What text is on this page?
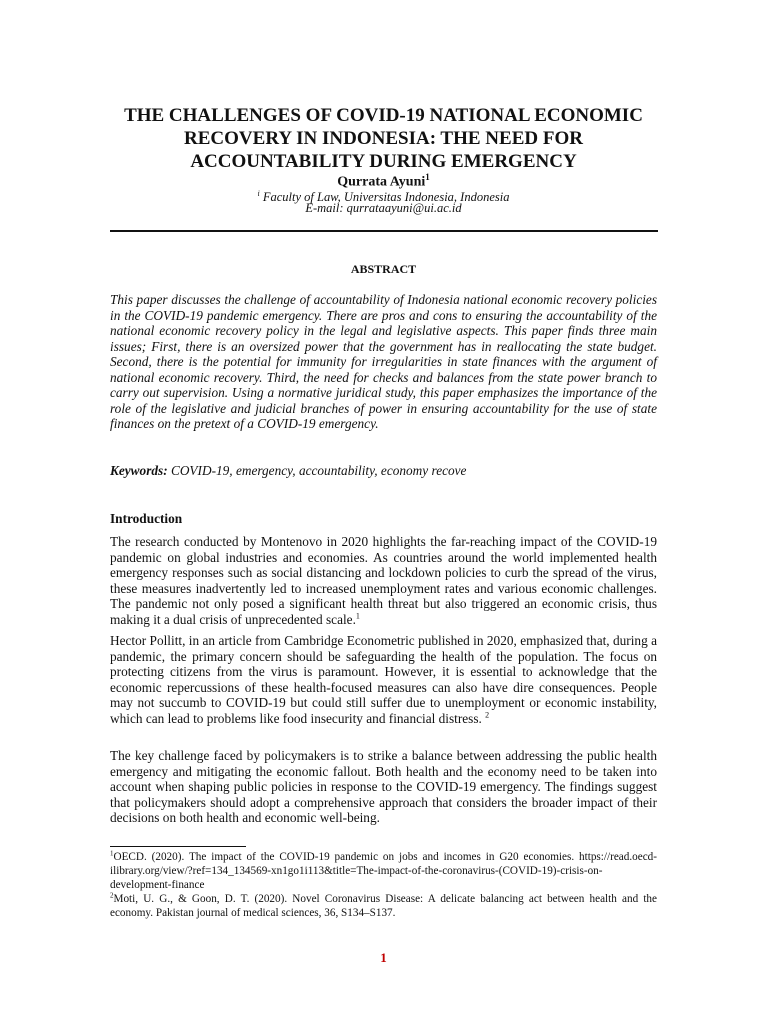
THE CHALLENGES OF COVID-19 NATIONAL ECONOMIC RECOVERY IN INDONESIA: THE NEED FOR ACCOUNTABILITY DURING EMERGENCY
Qurrata Ayuni$^1$
$^i$ Faculty of Law, Universitas Indonesia, Indonesia
E-mail: qurrataayuni@ui.ac.id
ABSTRACT

This paper discusses the challenge of accountability of Indonesia national economic recovery policies in the COVID-19 pandemic emergency. There are pros and cons to ensuring the accountability of the national economic recovery policy in the legal and legislative aspects. This paper finds three main issues; First, there is an oversized power that the government has in reallocating the state budget. Second, there is the potential for immunity for irregularities in state finances with the argument of national economic recovery. Third, the need for checks and balances from the state power branch to carry out supervision. Using a normative juridical study, this paper emphasizes the importance of the role of the legislative and judicial branches of power in ensuring accountability for the use of state finances on the pretext of a COVID-19 emergency.

Keywords: COVID-19, emergency, accountability, economy recove
Introduction

The research conducted by Montenovo in 2020 highlights the far-reaching impact of the COVID-19 pandemic on global industries and economies. As countries around the world implemented health emergency responses such as social distancing and lockdown policies to curb the spread of the virus, these measures inadvertently led to increased unemployment rates and various economic challenges. The pandemic not only posed a significant health threat but also triggered an economic crisis, thus making it a dual crisis of unprecedented scale.$^1$

Hector Pollitt, in an article from Cambridge Econometric published in 2020, emphasized that, during a pandemic, the primary concern should be safeguarding the health of the population. The focus on protecting citizens from the virus is paramount. However, it is essential to acknowledge that the economic repercussions of these health-focused measures can also have dire consequences. People may not succumb to COVID-19 but could still suffer due to unemployment or economic instability, which can lead to problems like food insecurity and financial distress. $^2$

The key challenge faced by policymakers is to strike a balance between addressing the public health emergency and mitigating the economic fallout. Both health and the economy need to be taken into account when shaping public policies in response to the COVID-19 emergency. The findings suggest that policymakers should adopt a comprehensive approach that considers the broader impact of their decisions on both health and economic well-being.

$^1$OECD. (2020). The impact of the COVID-19 pandemic on jobs and incomes in G20 economies. https://read.oecd-ilibrary.org/view/?ref=134_134569-xn1go1i113&title=The-impact-of-the-coronavirus-(COVID-19)-crisis-on-development-finance

$^2$Moti, U. G., & Goon, D. T. (2020). Novel Coronavirus Disease: A delicate balancing act between health and the economy. Pakistan journal of medical sciences, 36, S134–S137.

1
